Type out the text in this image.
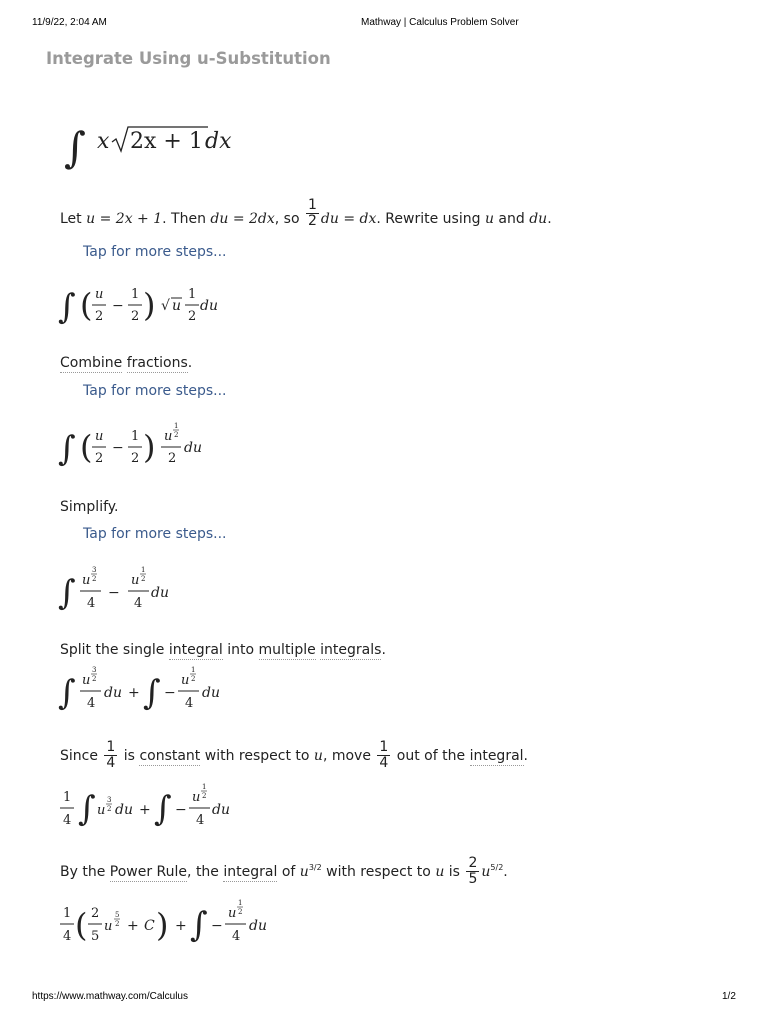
11/9/22, 2:04 AM	Mathway | Calculus Problem Solver
https://www.mathway.com/Calculus	1/2
Integrate Using u-Substitution
∫ x 2x + 1 dx
∫ ( u
2
−
1
2 ) √ u
1
2
du
∫ ( u
2
−
1
2 ) u
1
2
2
du
∫ u
3
2
4
−
u
1
2
4
du
∫ u
3
2
4
du + ∫ −
u
1
2
4
du
1
4 ∫ u
3
2 du + ∫ −
u
1
2
4
du
1
4 ( 2
5
u
5
2 + C ) + ∫ −
u
1
2
4
du
Let u = 2x + 1. Then du = 2dx, so $\frac{1}{2}$ du = dx. Rewrite using u and du.
Tap for more steps...
Combine fractions.
Tap for more steps...
Simplify.
Tap for more steps...
Split the single integral into multiple integrals.
Since $\frac{1}{4}$ is constant with respect to u, move $\frac{1}{4}$ out of the integral.
By the Power Rule, the integral of $u^{3/2}$ with respect to u is $\frac{2}{5} u^{5/2}$.
